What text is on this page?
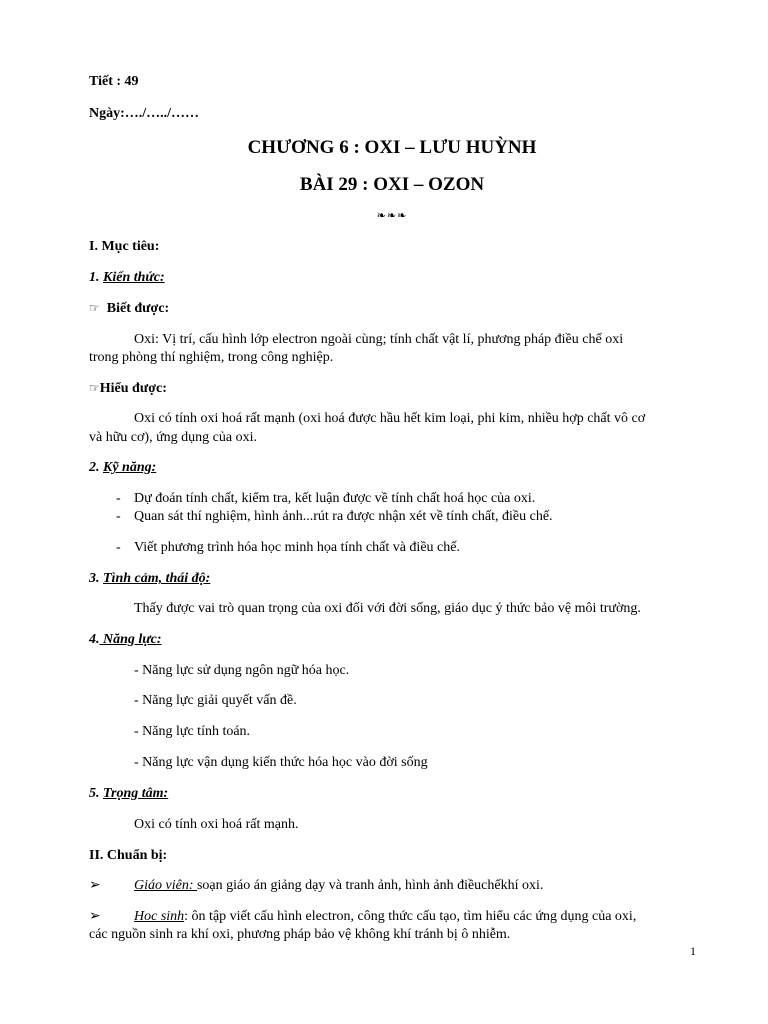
Tiết : 49
Ngày:…./…../……
CHƯƠNG 6 : OXI – LƯU HUỲNH
BÀI 29 : OXI – OZON
❧❧❧
I. Mục tiêu:
1. Kiến thức:
☞ Biết được:
Oxi: Vị trí, cấu hình lớp electron ngoài cùng; tính chất vật lí, phương pháp điều chế oxi
trong phòng thí nghiệm, trong công nghiệp.
☞Hiểu được:
Oxi có tính oxi hoá rất mạnh (oxi hoá được hầu hết kim loại, phi kim, nhiều hợp chất vô cơ
và hữu cơ), ứng dụng của oxi.
2. Kỹ năng:
- Dự đoán tính chất, kiểm tra, kết luận được về tính chất hoá học của oxi.
- Quan sát thí nghiệm, hình ảnh...rút ra được nhận xét về tính chất, điều chế.
- Viết phương trình hóa học minh họa tính chất và điều chế.
3. Tình cảm, thái độ:
Thấy được vai trò quan trọng của oxi đối với đời sống, giáo dục ý thức bảo vệ môi trường.
4. Năng lực:
- Năng lực sử dụng ngôn ngữ hóa học.
- Năng lực giải quyết vấn đề.
- Năng lực tính toán.
- Năng lực vận dụng kiến thức hóa học vào đời sống
5. Trọng tâm:
Oxi có tính oxi hoá rất mạnh.
II. Chuẩn bị:
➢ Giáo viên: soạn giáo án giảng dạy và tranh ảnh, hình ảnh điềuchếkhí oxi.
➢ Hoc sinh: ôn tập viết cấu hình electron, công thức cấu tạo, tìm hiểu các ứng dụng của oxi,
các nguồn sinh ra khí oxi, phương pháp bảo vệ không khí tránh bị ô nhiễm.
1
